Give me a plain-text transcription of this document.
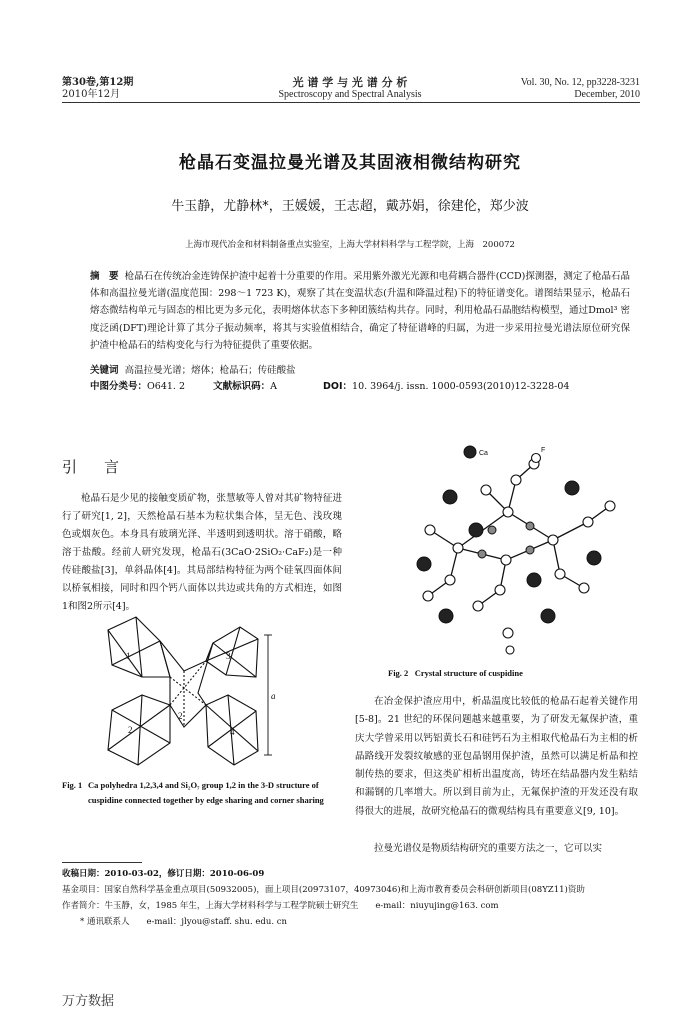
第30卷,第12期
2010年12月
光 谱 学 与 光 谱 分 析
Spectroscopy and Spectral Analysis
Vol. 30, No. 12, pp3228-3231
December, 2010
枪晶石变温拉曼光谱及其固液相微结构研究
牛玉静，尤静林*，王媛媛，王志超，戴苏娟，徐建伦，郑少波
上海市现代冶金和材料制备重点实验室，上海大学材料科学与工程学院，上海　200072
摘　要 枪晶石在传统冶金连铸保护渣中起着十分重要的作用。采用紫外激光光源和电荷耦合器件(CCD)探测器，测定了枪晶石晶体和高温拉曼光谱(温度范围：298～1 723 K)，观察了其在变温状态(升温和降温过程)下的特征谱变化。谱图结果显示，枪晶石熔态微结构单元与固态的相比更为多元化，表明熔体状态下多种团簇结构共存。同时，利用枪晶石晶胞结构模型，通过Dmol³ 密度泛函(DFT)理论计算了其分子振动频率，将其与实验值相结合，确定了特征谱峰的归属，为进一步采用拉曼光谱法原位研究保护渣中枪晶石的结构变化与行为特征提供了重要依据。
关键词 高温拉曼光谱；熔体；枪晶石；传硅酸盐
中图分类号：O641. 2	文献标识码：A	DOI：10. 3964/j. issn. 1000-0593(2010)12-3228-04
引　言
枪晶石是少见的接触变质矿物，张慧敏等人曾对其矿物特征进行了研究[1, 2]，天然枪晶石基本为粒状集合体，呈无色、浅玫瑰色或烟灰色。本身具有玻璃光泽、半透明到透明状。溶于硝酸，略溶于盐酸。经前人研究发现，枪晶石(3CaO·2SiO₂·CaF₂)是一种传硅酸盐[3]，单斜晶体[4]。其局部结构特征为两个硅氧四面体间以桥氧相接，同时和四个钙八面体以共边或共角的方式相连，如图1和图2所示[4]。
1
2
3
4
2
a
Fig. 1 Ca polyhedra 1,2,3,4 and Si₂O₇ group 1,2 in the 3-D structure of cuspidine connected together by edge sharing and corner sharing
Ca	F
Fig. 2 Crystal structure of cuspidine
在冶金保护渣应用中，析晶温度比较低的枪晶石起着关键作用[5-8]。21 世纪的环保问题越来越重要，为了研发无氟保护渣，重庆大学曾采用以钙铝黄长石和硅钙石为主相取代枪晶石为主相的析晶路线开发裂纹敏感的亚包晶钢用保护渣，虽然可以满足析晶和控制传热的要求，但这类矿相析出温度高，铸坯在结晶器内发生粘结和漏钢的几率增大。所以到目前为止，无氟保护渣的开发还没有取得很大的进展，故研究枪晶石的微观结构具有重要意义[9, 10]。
拉曼光谱仪是物质结构研究的重要方法之一，它可以实
收稿日期：2010-03-02，修订日期：2010-06-09
基金项目：国家自然科学基金重点项目(50932005)，面上项目(20973107，40973046)和上海市教育委员会科研创新项目(08YZ11)资助
作者简介：牛玉静，女，1985 年生，上海大学材料科学与工程学院硕士研究生　　e-mail：niuyujing@163. com
* 通讯联系人　　e-mail：jlyou@staff. shu. edu. cn
万方数据
